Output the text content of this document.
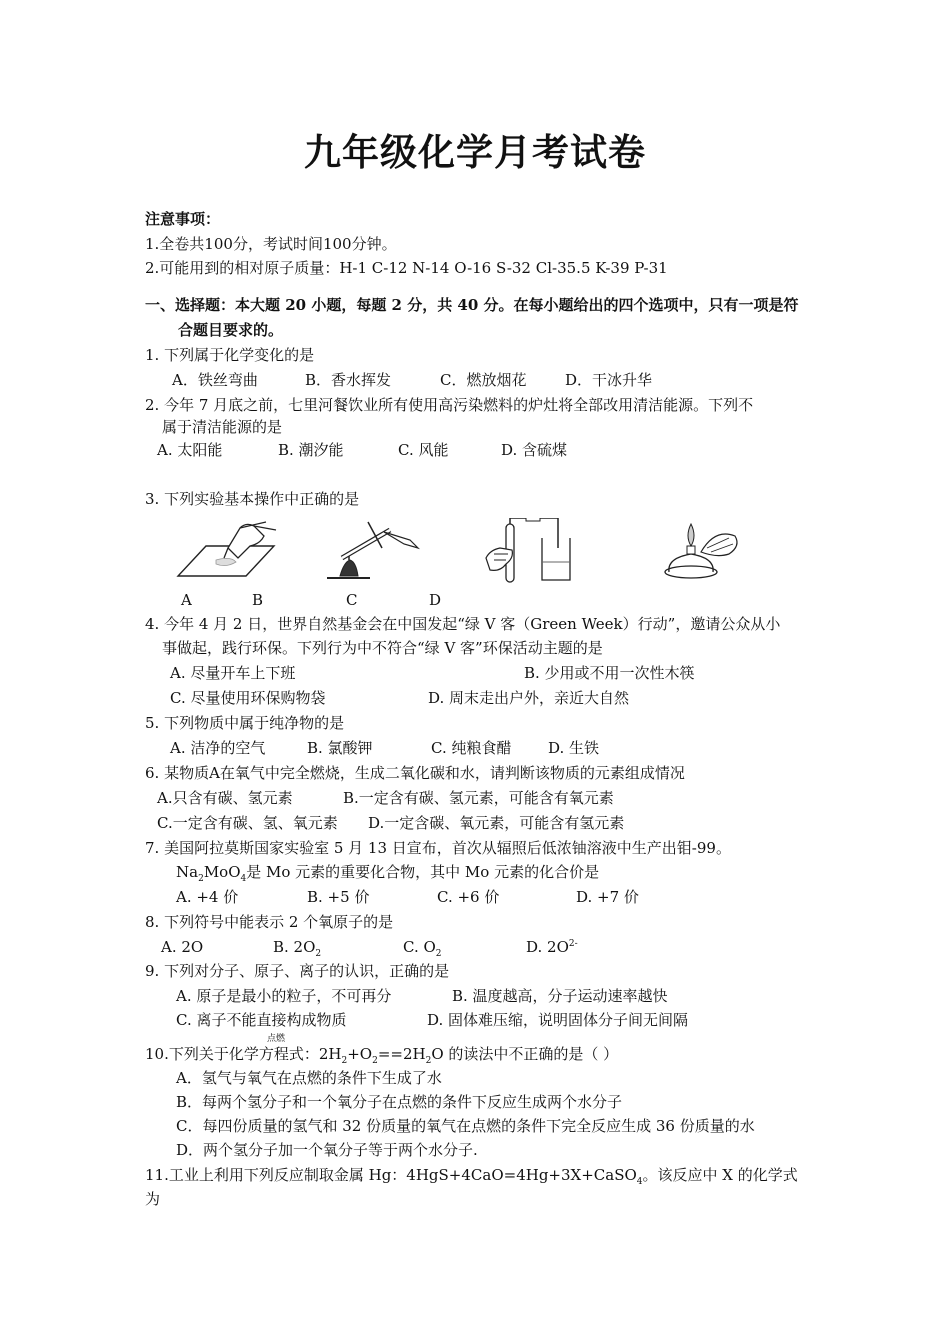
九年级化学月考试卷
注意事项：
1.全卷共100分，考试时间100分钟。
2.可能用到的相对原子质量：H-1 C-12 N-14 O-16 S-32 Cl-35.5 K-39 P-31
一、选择题：本大题 20 小题，每题 2 分，共 40 分。在每小题给出的四个选项中，只有一项是符
合题目要求的。
1. 下列属于化学变化的是
A．铁丝弯曲	B．香水挥发	C．燃放烟花	D．干冰升华
2. 今年 7 月底之前，七里河餐饮业所有使用高污染燃料的炉灶将全部改用清洁能源。下列不
属于清洁能源的是
A. 太阳能	B. 潮汐能	C. 风能	D. 含硫煤
3. 下列实验基本操作中正确的是
A	B	C	D
4. 今年 4 月 2 日，世界自然基金会在中国发起“绿 V 客（Green Week）行动”，邀请公众从小
事做起，践行环保。下列行为中不符合“绿 V 客”环保活动主题的是
A. 尽量开车上下班	B. 少用或不用一次性木筷
C. 尽量使用环保购物袋	D. 周末走出户外，亲近大自然
5. 下列物质中属于纯净物的是
A. 洁净的空气	B. 氯酸钾	C. 纯粮食醋 D. 生铁
6. 某物质A在氧气中完全燃烧，生成二氧化碳和水，请判断该物质的元素组成情况
A.只含有碳、氢元素	B.一定含有碳、氢元素，可能含有氧元素
C.一定含有碳、氢、氧元素 D.一定含碳、氧元素，可能含有氢元素
7. 美国阿拉莫斯国家实验室 5 月 13 日宣布，首次从辐照后低浓铀溶液中生产出钼-99。
$Na_2MoO_4$是 Mo 元素的重要化合物，其中 Mo 元素的化合价是
A. +4 价	B. +5 价	C. +6 价	D. +7 价
8. 下列符号中能表示 2 个氧原子的是
A. 2O	B. $2O_2$	C. $O_2$	D. $2O^{2-}$
9. 下列对分子、原子、离子的认识，正确的是
A. 原子是最小的粒子，不可再分	B. 温度越高，分子运动速率越快
C. 离子不能直接构成物质	D. 固体难压缩，说明固体分子间无间隔
点燃
10.下列关于化学方程式：$2H_2+O_2==2H_2O$ 的读法中不正确的是（ ）
A．氢气与氧气在点燃的条件下生成了水
B．每两个氢分子和一个氧分子在点燃的条件下反应生成两个水分子
C．每四份质量的氢气和 32 份质量的氧气在点燃的条件下完全反应生成 36 份质量的水
D．两个氢分子加一个氧分子等于两个水分子.
11.工业上利用下列反应制取金属 Hg：4HgS+4CaO=4Hg+3X+CaSO$_4$。该反应中 X 的化学式
为
